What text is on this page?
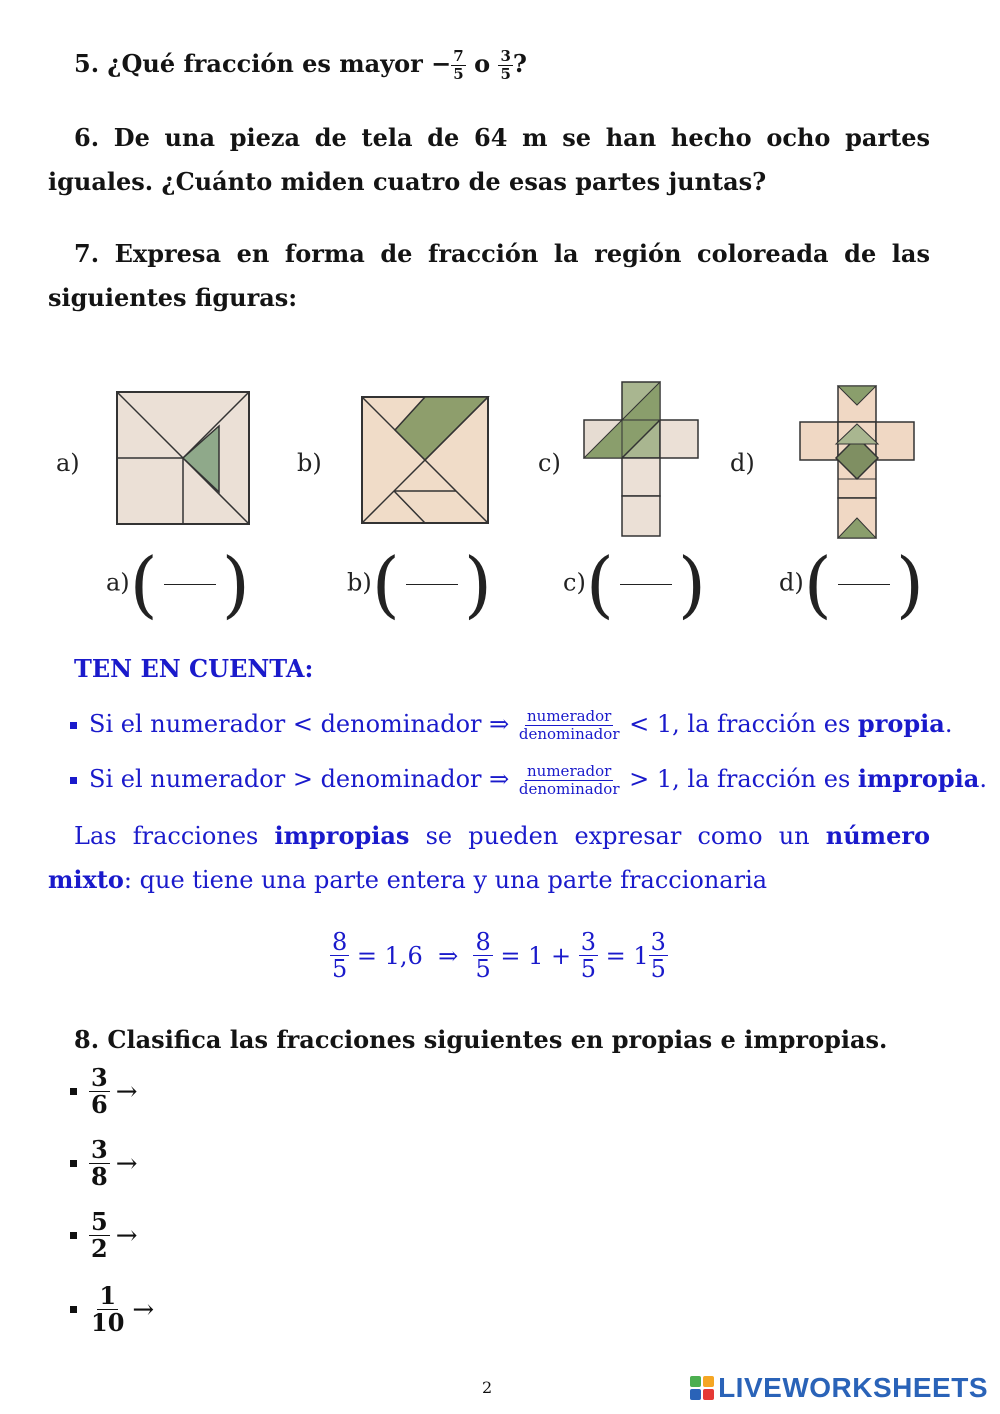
5. ¿Qué fracción es mayor − $\frac{7}{5}$ o $\frac{3}{5}$ ?
6. De una pieza de tela de 64 m se han hecho ocho partes iguales. ¿Cuánto miden cuatro de esas partes juntas?
7. Expresa en forma de fracción la región coloreada de las siguientes figuras:
a)	b)	c)	d)
a)( )	b)( )	c)( )	d)( )
TEN EN CUENTA:
Si el numerador < denominador ⇒ $\frac{\text{numerador}}{\text{denominador}} < 1$, la fracción es propia.
Si el numerador > denominador ⇒ $\frac{\text{numerador}}{\text{denominador}} > 1$, la fracción es impropia.
Las fracciones impropias se pueden expresar como un número mixto: que tiene una parte entera y una parte fraccionaria
$\frac{8}{5} = 1,6$  ⇒ $\frac{8}{5} = 1 + \frac{3}{5} = 1 \frac{3}{5}$
8. Clasifica las fracciones siguientes en propias e impropias.
$\frac{3}{6}$ →
$\frac{3}{8}$ →
$\frac{5}{2}$ →
$\frac{1}{10}$ →
2	LIVEWORKSHEETS
